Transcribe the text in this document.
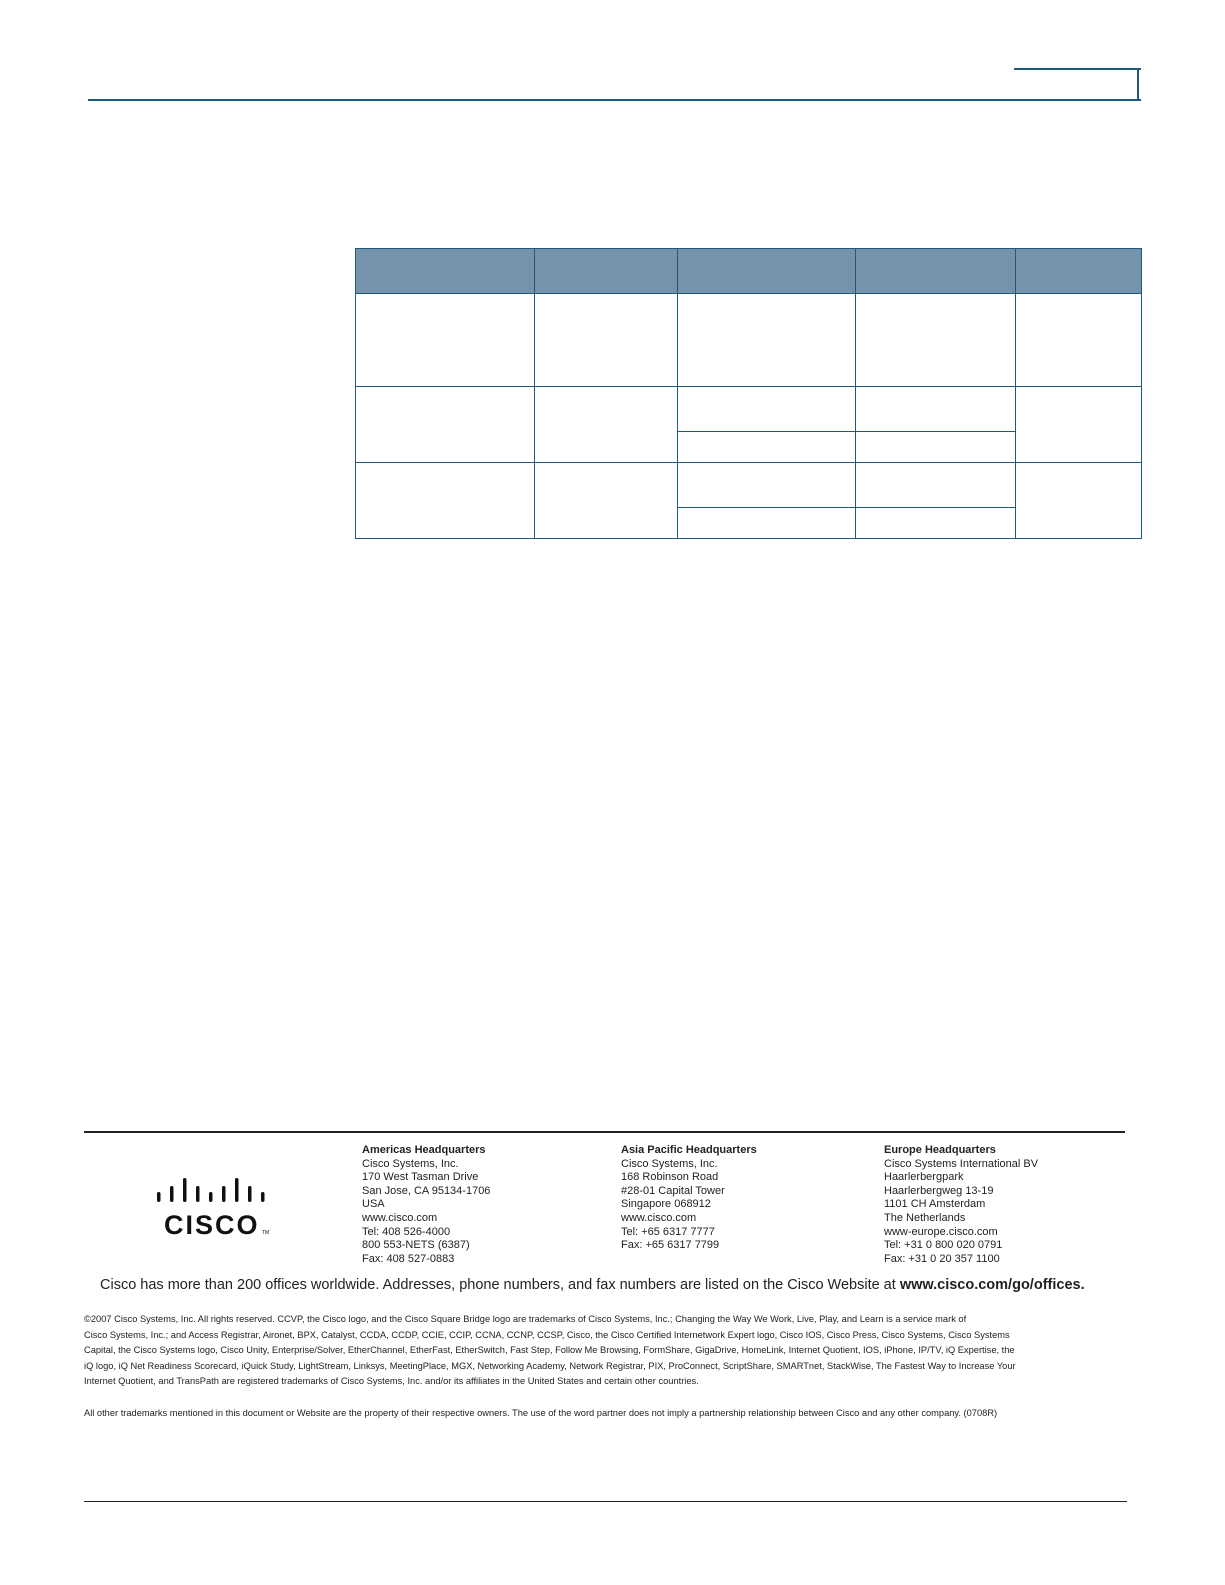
CISCO TM
Americas Headquarters
Cisco Systems, Inc.
170 West Tasman Drive
San Jose, CA 95134-1706
USA
www.cisco.com
Tel: 408 526-4000
800 553-NETS (6387)
Fax: 408 527-0883
Asia Pacific Headquarters
Cisco Systems, Inc.
168 Robinson Road
#28-01 Capital Tower
Singapore 068912
www.cisco.com
Tel: +65 6317 7777
Fax: +65 6317 7799
Europe Headquarters
Cisco Systems International BV
Haarlerbergpark
Haarlerbergweg 13-19
1101 CH Amsterdam
The Netherlands
www-europe.cisco.com
Tel: +31 0 800 020 0791
Fax: +31 0 20 357 1100
Cisco has more than 200 offices worldwide. Addresses, phone numbers, and fax numbers are listed on the Cisco Website at www.cisco.com/go/offices.

©2007 Cisco Systems, Inc. All rights reserved. CCVP, the Cisco logo, and the Cisco Square Bridge logo are trademarks of Cisco Systems, Inc.; Changing the Way We Work, Live, Play, and Learn is a service mark of

Cisco Systems, Inc.; and Access Registrar, Aironet, BPX, Catalyst, CCDA, CCDP, CCIE, CCIP, CCNA, CCNP, CCSP, Cisco, the Cisco Certified Internetwork Expert logo, Cisco IOS, Cisco Press, Cisco Systems, Cisco Systems

Capital, the Cisco Systems logo, Cisco Unity, Enterprise/Solver, EtherChannel, EtherFast, EtherSwitch, Fast Step, Follow Me Browsing, FormShare, GigaDrive, HomeLink, Internet Quotient, IOS, iPhone, IP/TV, iQ Expertise, the

iQ logo, iQ Net Readiness Scorecard, iQuick Study, LightStream, Linksys, MeetingPlace, MGX, Networking Academy, Network Registrar, PIX, ProConnect, ScriptShare, SMARTnet, StackWise, The Fastest Way to Increase Your

Internet Quotient, and TransPath are registered trademarks of Cisco Systems, Inc. and/or its affiliates in the United States and certain other countries.

All other trademarks mentioned in this document or Website are the property of their respective owners. The use of the word partner does not imply a partnership relationship between Cisco and any other company. (0708R)
